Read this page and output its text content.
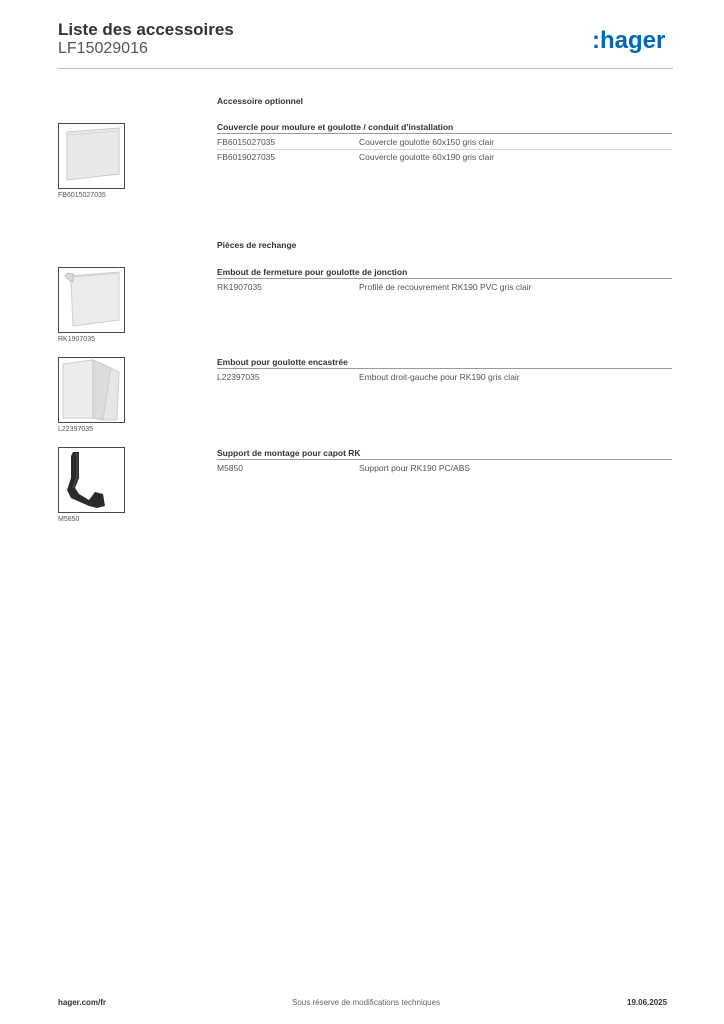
Liste des accessoires
LF15029016	:hager
Accessoire optionnel
Couvercle pour moulure et goulotte / conduit d'installation
FB6015027035	Couvercle goulotte 60x150 gris clair
FB6019027035	Couvercle goulotte 60x190 gris clair
FB6015027035
Pièces de rechange
Embout de fermeture pour goulotte de jonction
RK1907035	Profilé de recouvrement RK190 PVC gris clair
RK1907035
Embout pour goulotte encastrée
L22397035	Embout droit-gauche pour RK190 gris clair
L22397035
Support de montage pour capot RK
M5850	Support pour RK190 PC/ABS
M5850
hager.com/fr	Sous réserve de modifications techniques	19.06.2025
